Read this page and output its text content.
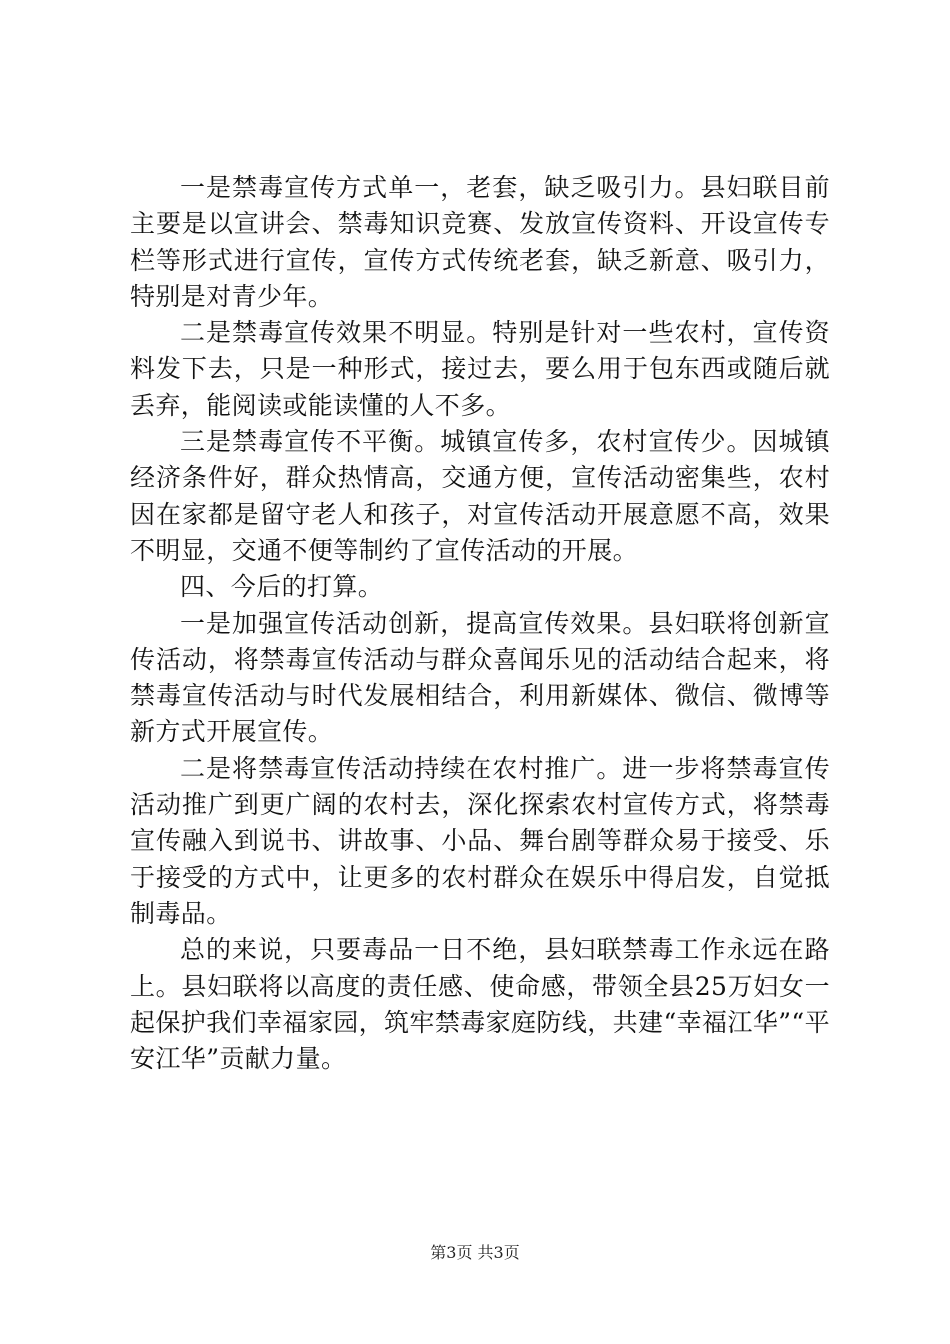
一是禁毒宣传方式单一，老套，缺乏吸引力。县妇联目前主要是以宣讲会、禁毒知识竞赛、发放宣传资料、开设宣传专栏等形式进行宣传，宣传方式传统老套，缺乏新意、吸引力，特别是对青少年。

二是禁毒宣传效果不明显。特别是针对一些农村，宣传资料发下去，只是一种形式，接过去，要么用于包东西或随后就丢弃，能阅读或能读懂的人不多。

三是禁毒宣传不平衡。城镇宣传多，农村宣传少。因城镇经济条件好，群众热情高，交通方便，宣传活动密集些，农村因在家都是留守老人和孩子，对宣传活动开展意愿不高，效果不明显，交通不便等制约了宣传活动的开展。

四、今后的打算。

一是加强宣传活动创新，提高宣传效果。县妇联将创新宣传活动，将禁毒宣传活动与群众喜闻乐见的活动结合起来，将禁毒宣传活动与时代发展相结合，利用新媒体、微信、微博等新方式开展宣传。

二是将禁毒宣传活动持续在农村推广。进一步将禁毒宣传活动推广到更广阔的农村去，深化探索农村宣传方式，将禁毒宣传融入到说书、讲故事、小品、舞台剧等群众易于接受、乐于接受的方式中，让更多的农村群众在娱乐中得启发，自觉抵制毒品。

总的来说，只要毒品一日不绝，县妇联禁毒工作永远在路上。县妇联将以高度的责任感、使命感，带领全县25万妇女一起保护我们幸福家园，筑牢禁毒家庭防线，共建“幸福江华”“平安江华”贡献力量。

第3页 共3页
